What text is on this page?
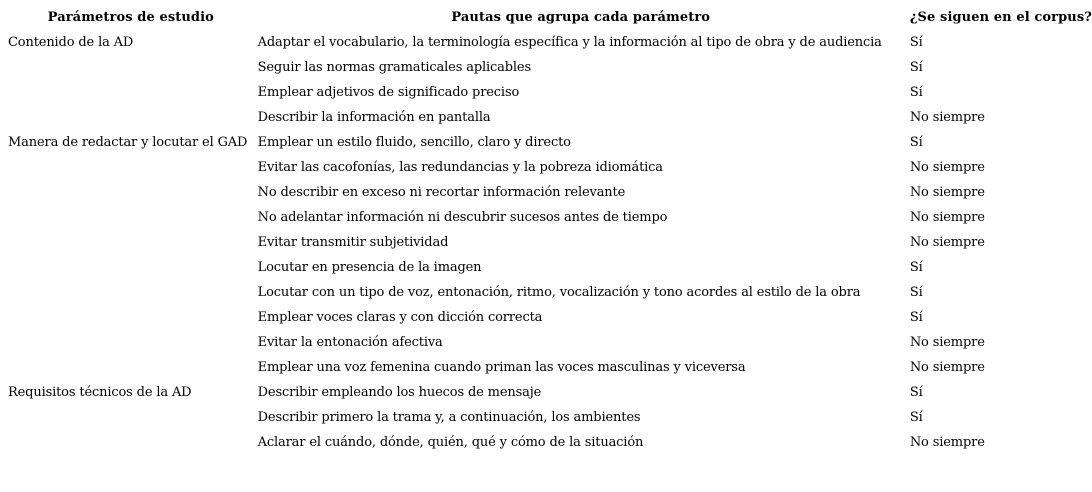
Parámetros de estudio	Pautas que agrupa cada parámetro	¿Se siguen en el corpus?
Contenido de la AD	Adaptar el vocabulario, la terminología específica y la información al tipo de obra y de audiencia	Sí
	Seguir las normas gramaticales aplicables	Sí
	Emplear adjetivos de significado preciso	Sí
	Describir la información en pantalla	No siempre
Manera de redactar y locutar el GAD	Emplear un estilo fluido, sencillo, claro y directo	Sí
	Evitar las cacofonías, las redundancias y la pobreza idiomática	No siempre
	No describir en exceso ni recortar información relevante	No siempre
	No adelantar información ni descubrir sucesos antes de tiempo	No siempre
	Evitar transmitir subjetividad	No siempre
	Locutar en presencia de la imagen	Sí
	Locutar con un tipo de voz, entonación, ritmo, vocalización y tono acordes al estilo de la obra	Sí
	Emplear voces claras y con dicción correcta	Sí
	Evitar la entonación afectiva	No siempre
	Emplear una voz femenina cuando priman las voces masculinas y viceversa	No siempre
Requisitos técnicos de la AD	Describir empleando los huecos de mensaje	Sí
	Describir primero la trama y, a continuación, los ambientes	Sí
	Aclarar el cuándo, dónde, quién, qué y cómo de la situación	No siempre
